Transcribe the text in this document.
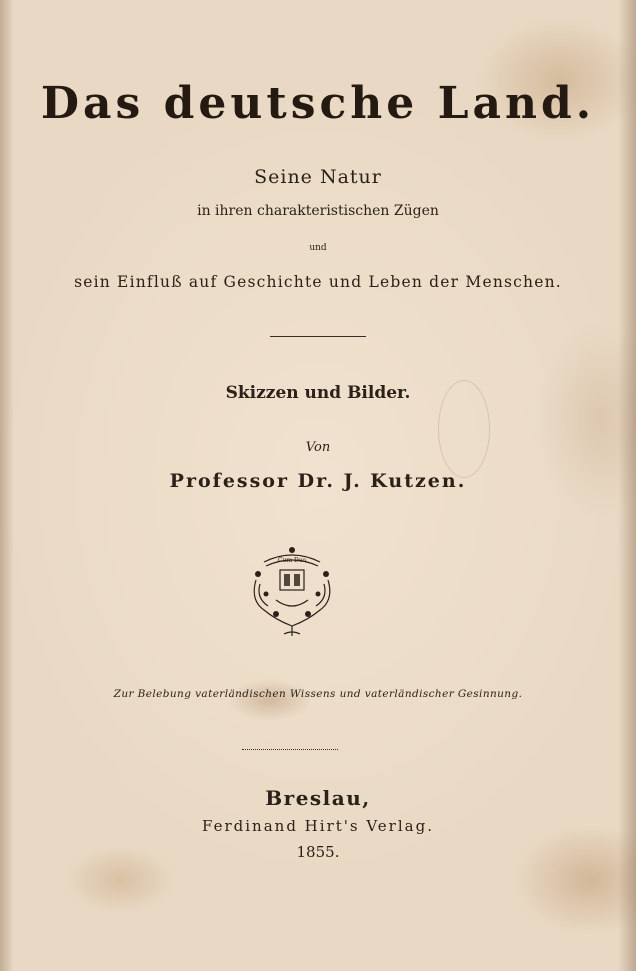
Das deutsche Land.
Seine Natur
in ihren charakteristischen Zügen
und
sein Einfluß auf Geschichte und Leben der Menschen.
Skizzen und Bilder.
Von
Professor Dr. J. Kutzen.
Cum Deo
Zur Belebung vaterländischen Wissens und vaterländischer Gesinnung.
Breslau,
Ferdinand Hirt's Verlag.
1855.
